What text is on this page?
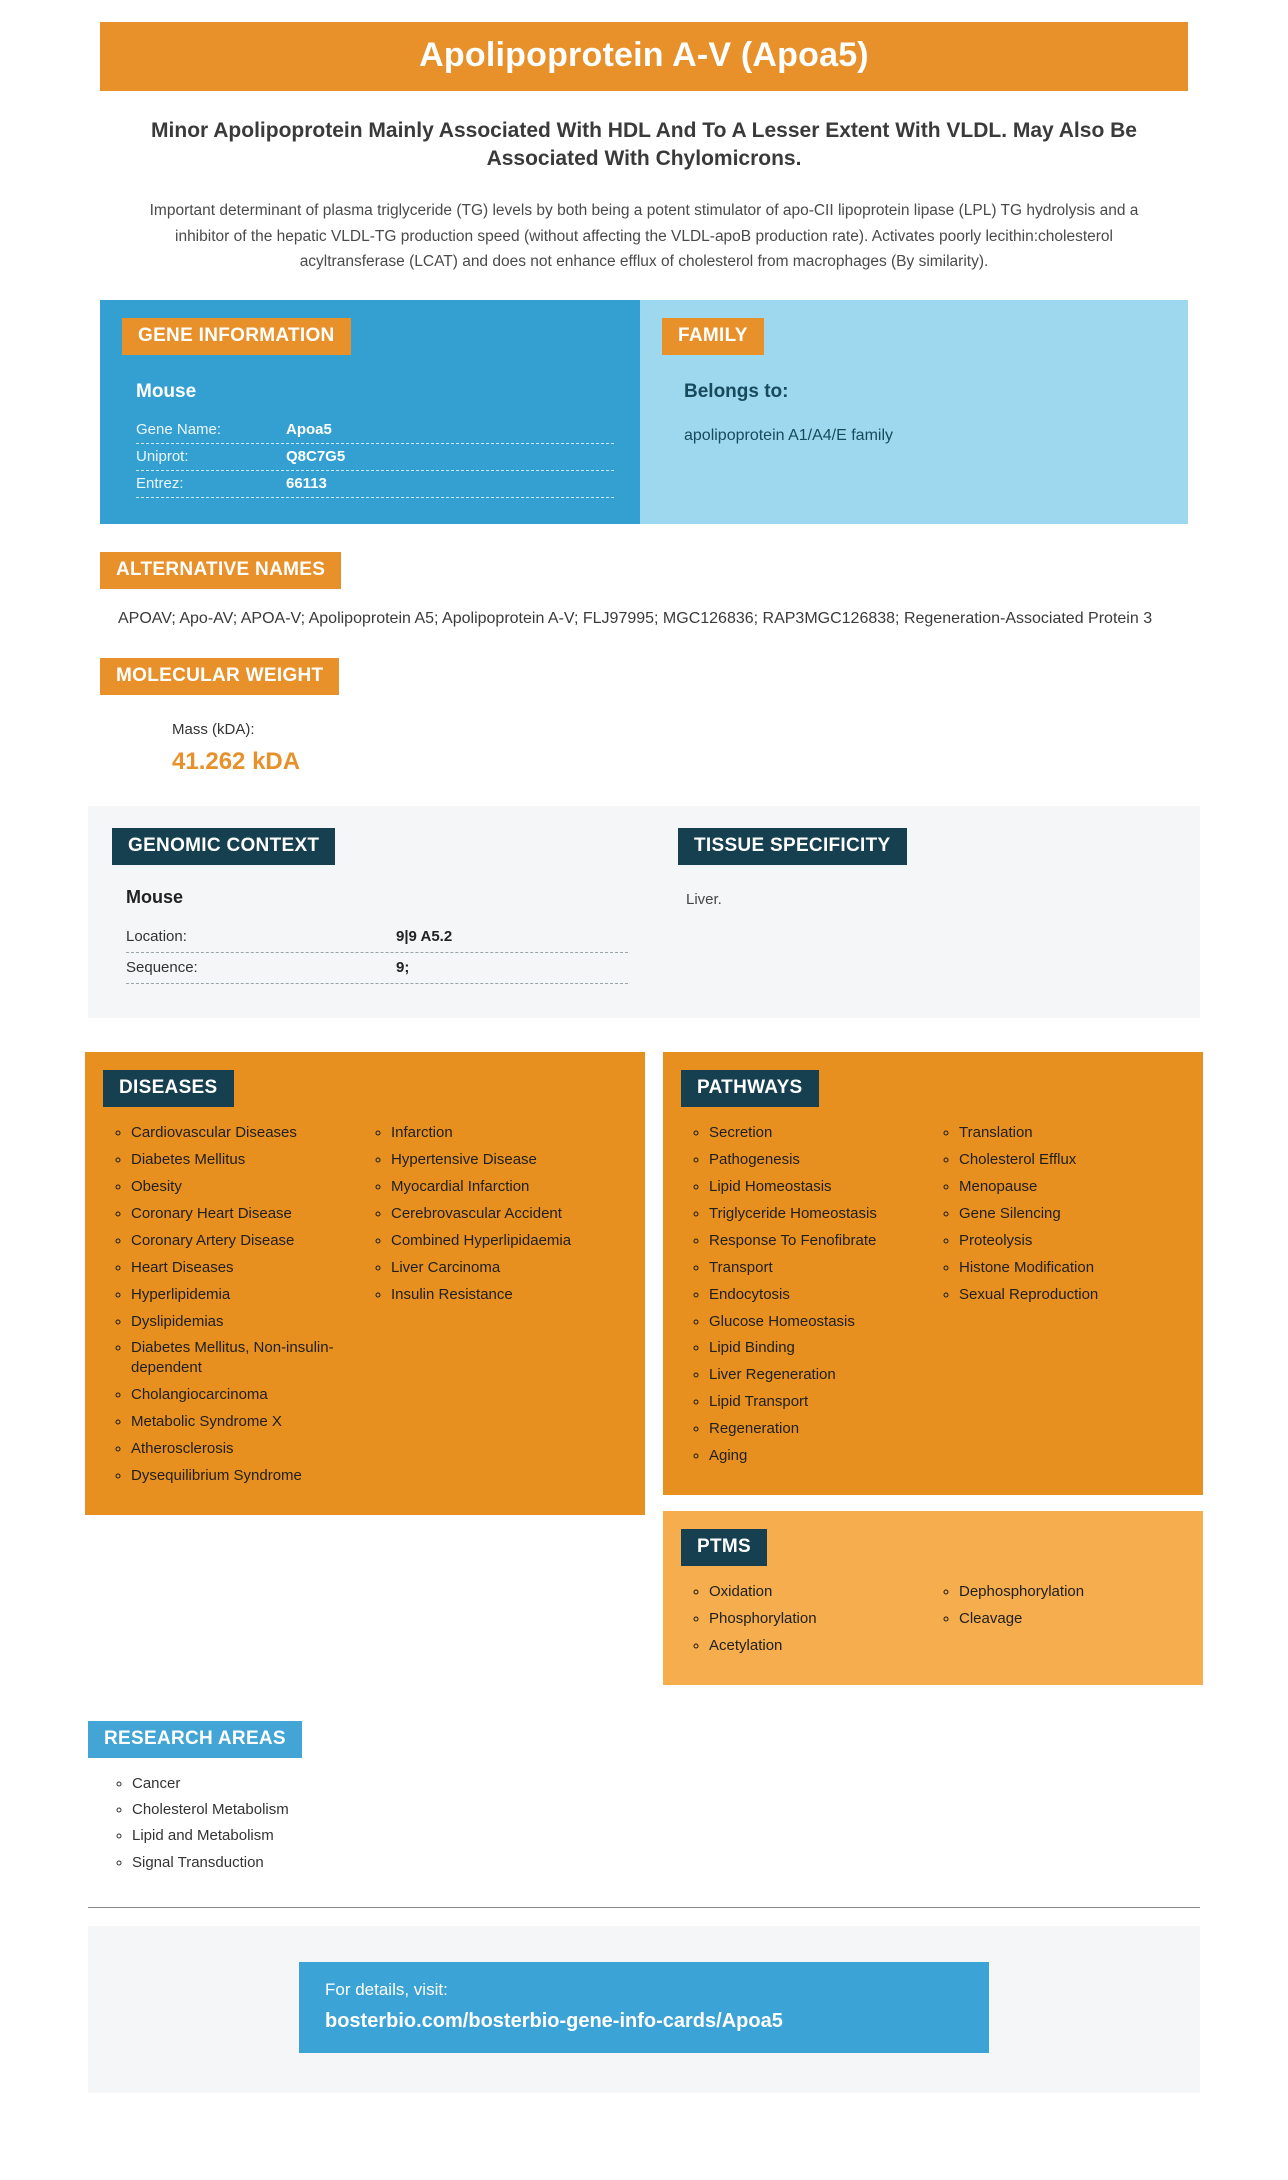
Apolipoprotein A-V (Apoa5)
Minor Apolipoprotein Mainly Associated With HDL And To A Lesser Extent With VLDL. May Also Be Associated With Chylomicrons.
Important determinant of plasma triglyceride (TG) levels by both being a potent stimulator of apo-CII lipoprotein lipase (LPL) TG hydrolysis and a inhibitor of the hepatic VLDL-TG production speed (without affecting the VLDL-apoB production rate). Activates poorly lecithin:cholesterol acyltransferase (LCAT) and does not enhance efflux of cholesterol from macrophages (By similarity).
GENE INFORMATION
Mouse
Gene Name:	Apoa5
Uniprot:	Q8C7G5
Entrez:	66113
FAMILY
Belongs to:
apolipoprotein A1/A4/E family
ALTERNATIVE NAMES
APOAV; Apo-AV; APOA-V; Apolipoprotein A5; Apolipoprotein A-V; FLJ97995; MGC126836; RAP3MGC126838; Regeneration-Associated Protein 3
MOLECULAR WEIGHT
Mass (kDA):
41.262 kDA
GENOMIC CONTEXT
Mouse
Location:	9|9 A5.2
Sequence:	9;
TISSUE SPECIFICITY
Liver.
DISEASES
◦ Cardiovascular Diseases
◦ Diabetes Mellitus
◦ Obesity
◦ Coronary Heart Disease
◦ Coronary Artery Disease
◦ Heart Diseases
◦ Hyperlipidemia
◦ Dyslipidemias
◦ Diabetes Mellitus, Non-insulin-dependent
◦ Cholangiocarcinoma
◦ Metabolic Syndrome X
◦ Atherosclerosis
◦ Dysequilibrium Syndrome
◦ Infarction
◦ Hypertensive Disease
◦ Myocardial Infarction
◦ Cerebrovascular Accident
◦ Combined Hyperlipidaemia
◦ Liver Carcinoma
◦ Insulin Resistance
PATHWAYS
◦ Secretion
◦ Pathogenesis
◦ Lipid Homeostasis
◦ Triglyceride Homeostasis
◦ Response To Fenofibrate
◦ Transport
◦ Endocytosis
◦ Glucose Homeostasis
◦ Lipid Binding
◦ Liver Regeneration
◦ Lipid Transport
◦ Regeneration
◦ Aging
◦ Translation
◦ Cholesterol Efflux
◦ Menopause
◦ Gene Silencing
◦ Proteolysis
◦ Histone Modification
◦ Sexual Reproduction
PTMS
◦ Oxidation
◦ Phosphorylation
◦ Acetylation
◦ Dephosphorylation
◦ Cleavage
RESEARCH AREAS
◦ Cancer
◦ Cholesterol Metabolism
◦ Lipid and Metabolism
◦ Signal Transduction
For details, visit:
bosterbio.com/bosterbio-gene-info-cards/Apoa5
